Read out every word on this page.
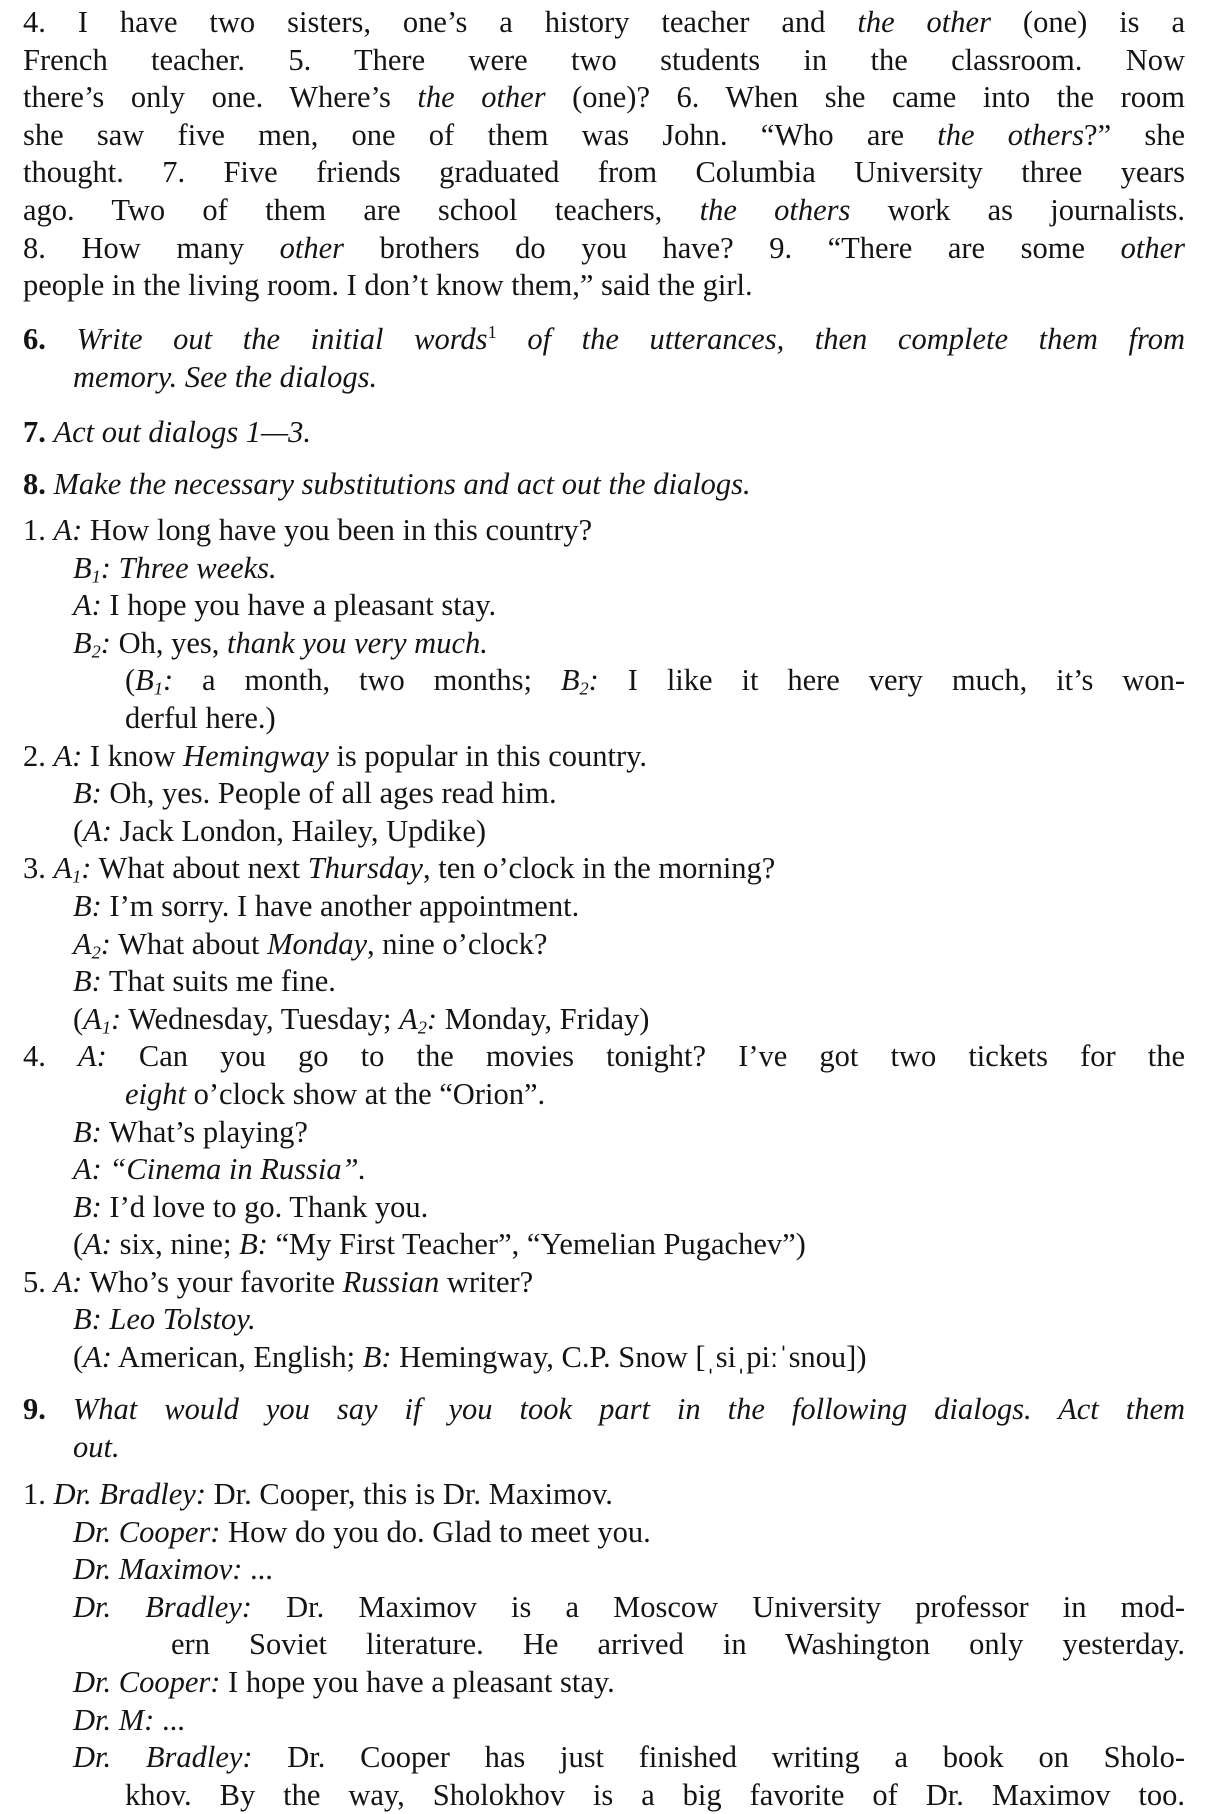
4. I have two sisters, one’s a history teacher and the other (one) is a
French teacher. 5. There were two students in the classroom. Now
there’s only one. Where’s the other (one)? 6. When she came into the room
she saw five men, one of them was John. “Who are the others?” she
thought. 7. Five friends graduated from Columbia University three years
ago. Two of them are school teachers, the others work as journalists.
8. How many other brothers do you have? 9. “There are some other
people in the living room. I don’t know them,” said the girl.
6. Write out the initial words$^1$ of the utterances, then complete them from
memory. See the dialogs.
7. Act out dialogs 1—3.
8. Make the necessary substitutions and act out the dialogs.
1. A: How long have you been in this country?
$B_1$: Three weeks.
A: I hope you have a pleasant stay.
$B_2$: Oh, yes, thank you very much.
($B_1$: a month, two months; $B_2$: I like it here very much, it’s won-
derful here.)
2. A: I know Hemingway is popular in this country.
B: Oh, yes. People of all ages read him.
(A: Jack London, Hailey, Updike)
3. $A_1$: What about next Thursday, ten o’clock in the morning?
B: I’m sorry. I have another appointment.
$A_2$: What about Monday, nine o’clock?
B: That suits me fine.
($A_1$: Wednesday, Tuesday; $A_2$: Monday, Friday)
4. A: Can you go to the movies tonight? I’ve got two tickets for the
eight o’clock show at the “Orion”.
B: What’s playing?
A: “Cinema in Russia”.
B: I’d love to go. Thank you.
(A: six, nine; B: “My First Teacher”, “Yemelian Pugachev”)
5. A: Who’s your favorite Russian writer?
B: Leo Tolstoy.
(A: American, English; B: Hemingway, C.P. Snow [ˌsiˌpiːˈsnou])
9. What would you say if you took part in the following dialogs. Act them
out.
1. Dr. Bradley: Dr. Cooper, this is Dr. Maximov.
Dr. Cooper: How do you do. Glad to meet you.
Dr. Maximov: ...
Dr. Bradley: Dr. Maximov is a Moscow University professor in mod-
ern Soviet literature. He arrived in Washington only yesterday.
Dr. Cooper: I hope you have a pleasant stay.
Dr. M: ...
Dr. Bradley: Dr. Cooper has just finished writing a book on Sholo-
khov. By the way, Sholokhov is a big favorite of Dr. Maximov too.
